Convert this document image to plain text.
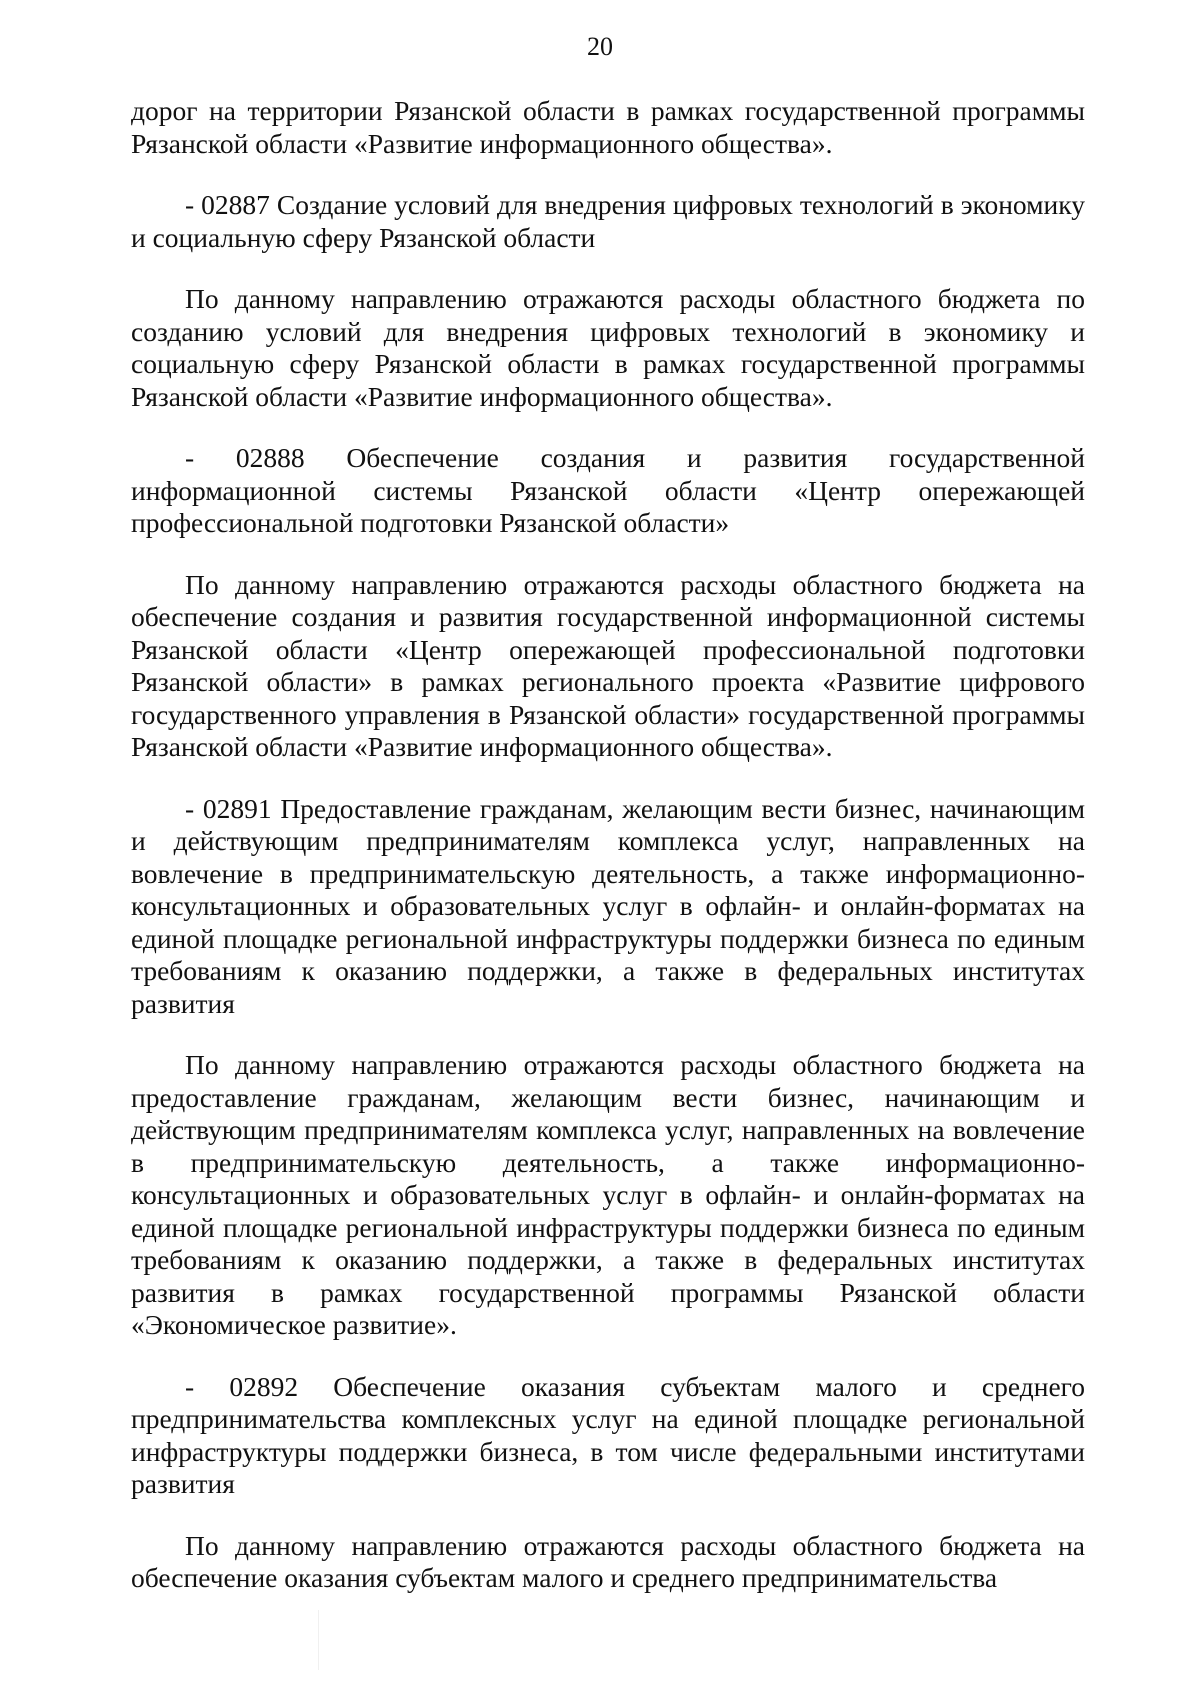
20

дорог на территории Рязанской области в рамках государственной программы Рязанской области «Развитие информационного общества».

- 02887 Создание условий для внедрения цифровых технологий в экономику и социальную сферу Рязанской области

По данному направлению отражаются расходы областного бюджета по созданию условий для внедрения цифровых технологий в экономику и социальную сферу Рязанской области в рамках государственной программы Рязанской области «Развитие информационного общества».

- 02888 Обеспечение создания и развития государственной информационной системы Рязанской области «Центр опережающей профессиональной подготовки Рязанской области»

По данному направлению отражаются расходы областного бюджета на обеспечение создания и развития государственной информационной системы Рязанской области «Центр опережающей профессиональной подготовки Рязанской области» в рамках регионального проекта «Развитие цифрового государственного управления в Рязанской области» государственной программы Рязанской области «Развитие информационного общества».

- 02891 Предоставление гражданам, желающим вести бизнес, начинающим и действующим предпринимателям комплекса услуг, направленных на вовлечение в предпринимательскую деятельность, а также информационно-консультационных и образовательных услуг в офлайн- и онлайн-форматах на единой площадке региональной инфраструктуры поддержки бизнеса по единым требованиям к оказанию поддержки, а также в федеральных институтах развития

По данному направлению отражаются расходы областного бюджета на предоставление гражданам, желающим вести бизнес, начинающим и действующим предпринимателям комплекса услуг, направленных на вовлечение в предпринимательскую деятельность, а также информационно-консультационных и образовательных услуг в офлайн- и онлайн-форматах на единой площадке региональной инфраструктуры поддержки бизнеса по единым требованиям к оказанию поддержки, а также в федеральных институтах развития в рамках государственной программы Рязанской области «Экономическое развитие».

- 02892 Обеспечение оказания субъектам малого и среднего предпринимательства комплексных услуг на единой площадке региональной инфраструктуры поддержки бизнеса, в том числе федеральными институтами развития

По данному направлению отражаются расходы областного бюджета на обеспечение оказания субъектам малого и среднего предпринимательства
